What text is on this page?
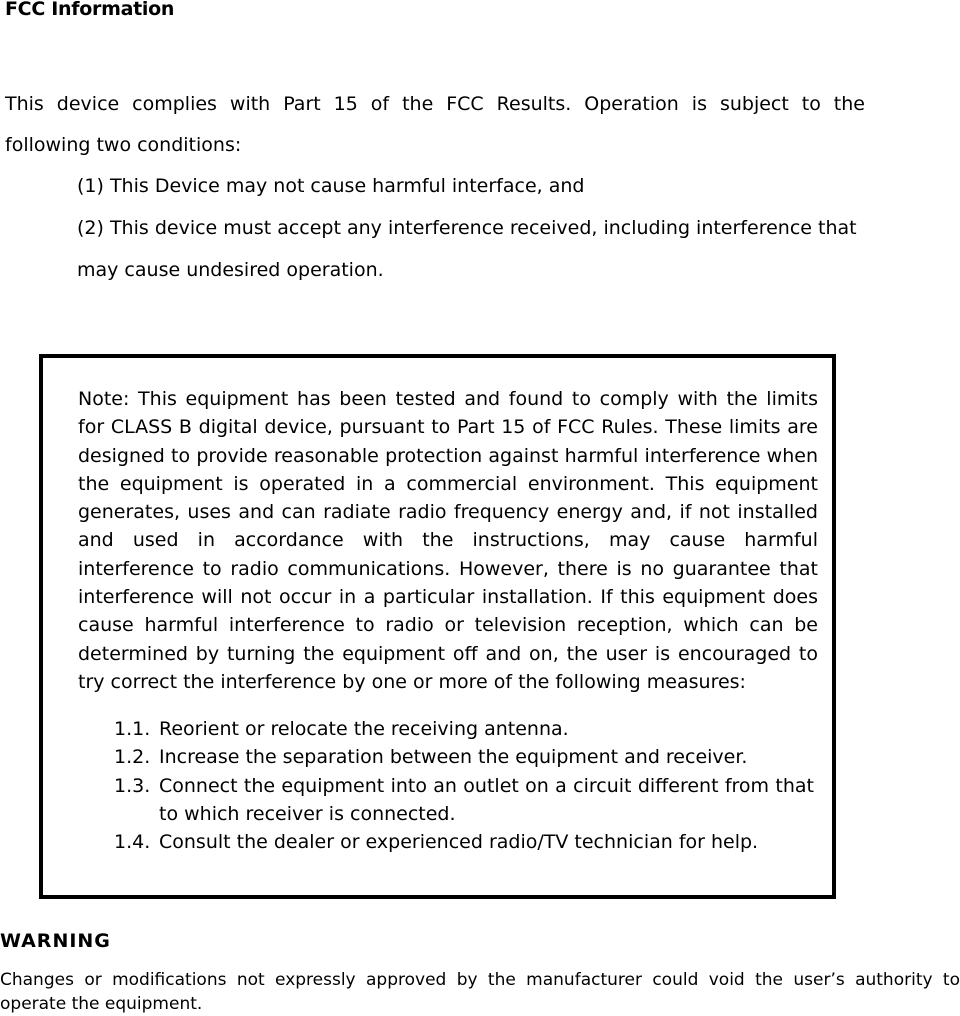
FCC Information
This device complies with Part 15 of the FCC Results. Operation is subject to the
following two conditions:
(1) This Device may not cause harmful interface, and
(2) This device must accept any interference received, including interference that may cause undesired operation.

Note: This equipment has been tested and found to comply with the limits for CLASS B digital device, pursuant to Part 15 of FCC Rules. These limits are designed to provide reasonable protection against harmful interference when the equipment is operated in a commercial environment. This equipment generates, uses and can radiate radio frequency energy and, if not installed and used in accordance with the instructions, may cause harmful interference to radio communications. However, there is no guarantee that interference will not occur in a particular installation. If this equipment does cause harmful interference to radio or television reception, which can be determined by turning the equipment off and on, the user is encouraged to try correct the interference by one or more of the following measures:

1.1. Reorient or relocate the receiving antenna.
1.2. Increase the separation between the equipment and receiver.
1.3. Connect the equipment into an outlet on a circuit different from that to which receiver is connected.
1.4. Consult the dealer or experienced radio/TV technician for help.
WARNING

Changes or modifications not expressly approved by the manufacturer could void the user’s authority to operate the equipment.
